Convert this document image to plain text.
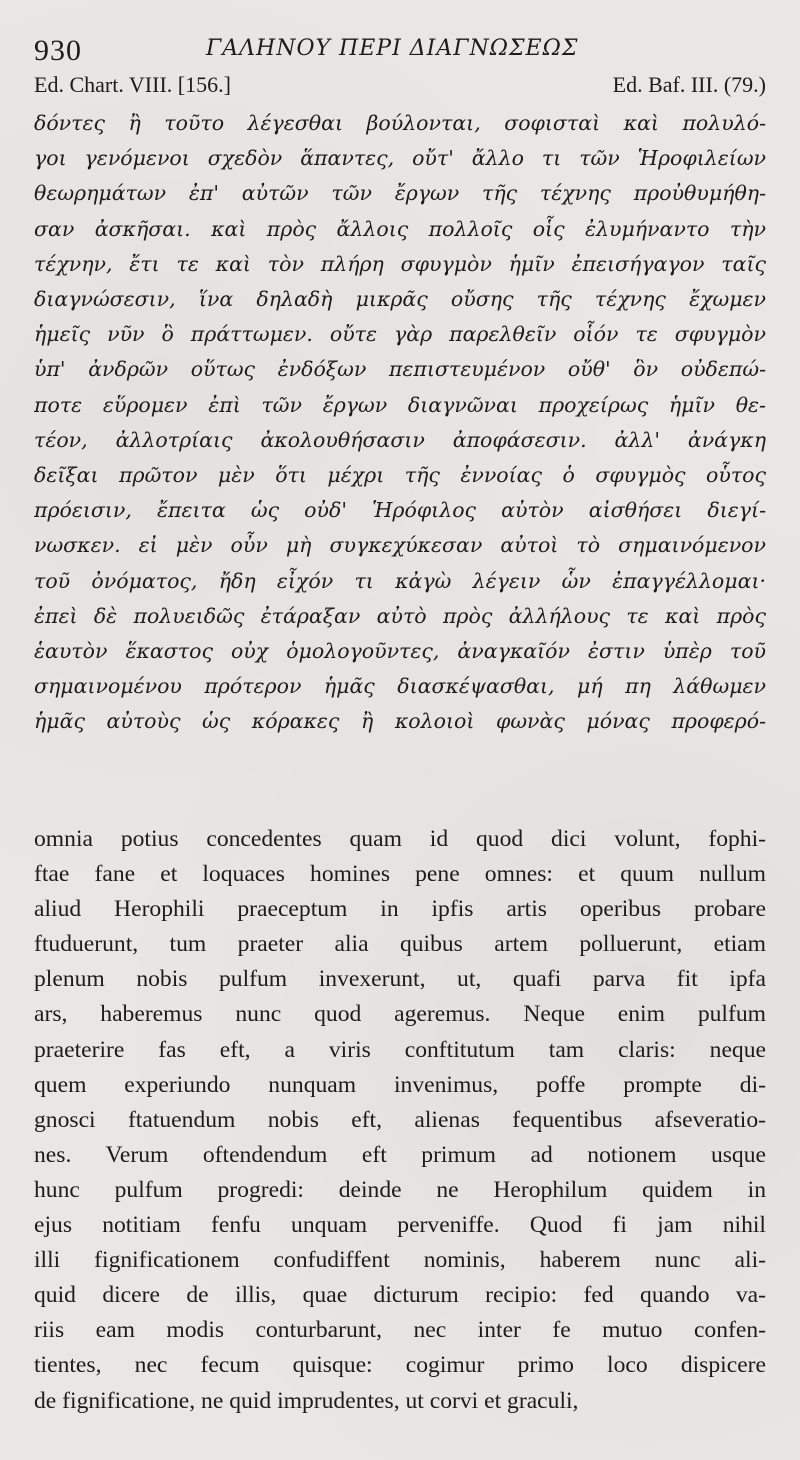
930	ΓΑΛΗΝΟΥ ΠΕΡΙ ΔΙΑΓΝΩΣΕΩΣ
Ed. Chart. VIII. [156.]	Ed. Baf. III. (79.)
δόντες ἢ τοῦτο λέγεσθαι βούλονται, σοφισταὶ καὶ πολυλό-
γοι γενόμενοι σχεδὸν ἅπαντες, οὔτ' ἄλλο τι τῶν Ἡροφιλείων
θεωρημάτων ἐπ' αὐτῶν τῶν ἔργων τῆς τέχνης προὐθυμήθη-
σαν ἀσκῆσαι. καὶ πρὸς ἄλλοις πολλοῖς οἷς ἐλυμήναντο τὴν
τέχνην, ἔτι τε καὶ τὸν πλήρη σφυγμὸν ἡμῖν ἐπεισήγαγον ταῖς
διαγνώσεσιν, ἵνα δηλαδὴ μικρᾶς οὔσης τῆς τέχνης ἔχωμεν
ἡμεῖς νῦν ὃ πράττωμεν. οὔτε γὰρ παρελθεῖν οἷόν τε σφυγμὸν
ὑπ' ἀνδρῶν οὕτως ἐνδόξων πεπιστευμένον οὔθ' ὃν οὐδεπώ-
ποτε εὕρομεν ἐπὶ τῶν ἔργων διαγνῶναι προχείρως ἡμῖν θε-
τέον, ἀλλοτρίαις ἀκολουθήσασιν ἀποφάσεσιν. ἀλλ' ἀνάγκη
δεῖξαι πρῶτον μὲν ὅτι μέχρι τῆς ἐννοίας ὁ σφυγμὸς οὗτος
πρόεισιν, ἔπειτα ὡς οὐδ' Ἡρόφιλος αὐτὸν αἰσθήσει διεγί-
νωσκεν. εἰ μὲν οὖν μὴ συγκεχύκεσαν αὐτοὶ τὸ σημαινόμενον
τοῦ ὀνόματος, ἤδη εἶχόν τι κἀγὼ λέγειν ὧν ἐπαγγέλλομαι·
ἐπεὶ δὲ πολυειδῶς ἐτάραξαν αὐτὸ πρὸς ἀλλήλους τε καὶ πρὸς
ἑαυτὸν ἕκαστος οὐχ ὁμολογοῦντες, ἀναγκαῖόν ἐστιν ὑπὲρ τοῦ
σημαινομένου πρότερον ἡμᾶς διασκέψασθαι, μή πη λάθωμεν
ἡμᾶς αὐτοὺς ὡς κόρακες ἢ κολοιοὶ φωνὰς μόνας προφερό-
omnia potius concedentes quam id quod dici volunt, fophi-
ftae fane et loquaces homines pene omnes: et quum nullum
aliud Herophili praeceptum in ipfis artis operibus probare
ftuduerunt, tum praeter alia quibus artem polluerunt, etiam
plenum nobis pulfum invexerunt, ut, quafi parva fit ipfa
ars, haberemus nunc quod ageremus. Neque enim pulfum
praeterire fas eft, a viris conftitutum tam claris: neque
quem experiundo nunquam invenimus, poffe prompte di-
gnosci ftatuendum nobis eft, alienas fequentibus afseveratio-
nes. Verum oftendendum eft primum ad notionem usque
hunc pulfum progredi: deinde ne Herophilum quidem in
ejus notitiam fenfu unquam perveniffe. Quod fi jam nihil
illi fignificationem confudiffent nominis, haberem nunc ali-
quid dicere de illis, quae dicturum recipio: fed quando va-
riis eam modis conturbarunt, nec inter fe mutuo confen-
tientes, nec fecum quisque: cogimur primo loco dispicere
de fignificatione, ne quid imprudentes, ut corvi et graculi,
